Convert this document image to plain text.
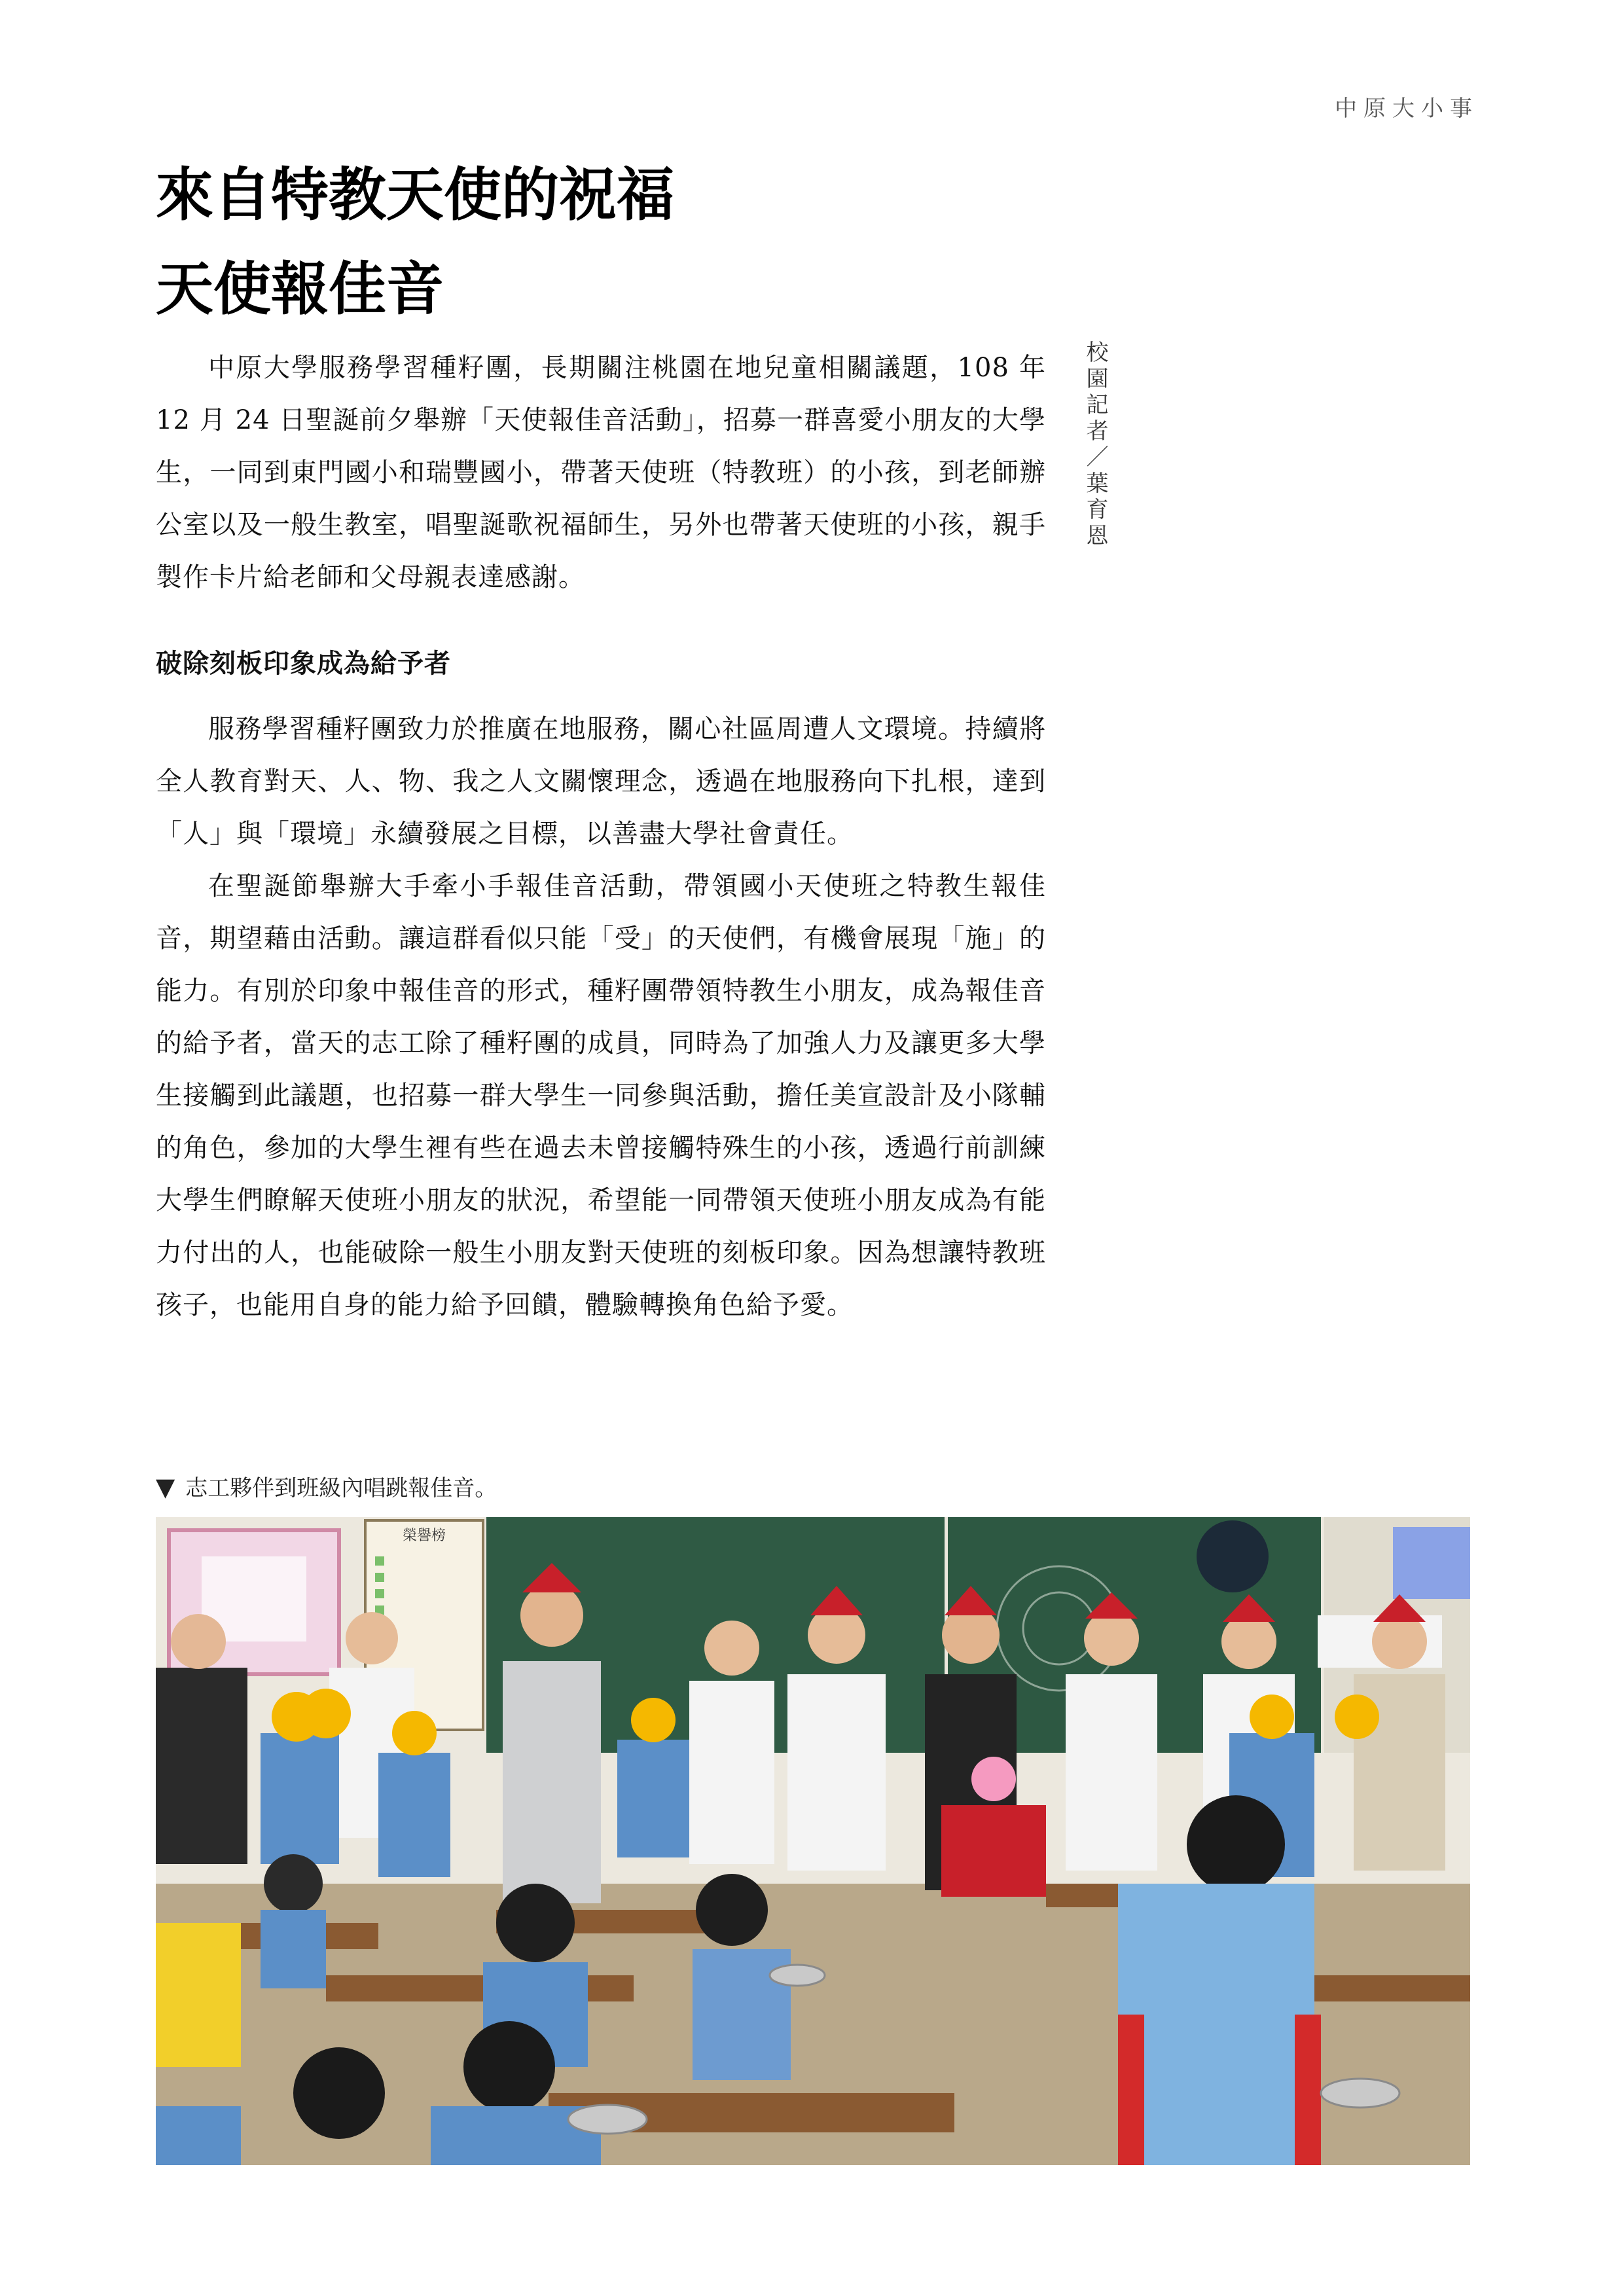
中原大小事
來自特教天使的祝福
天使報佳音
校園記者／葉育恩

中原大學服務學習種籽團，長期關注桃園在地兒童相關議題，108 年 12 月 24 日聖誕前夕舉辦「天使報佳音活動」，招募一群喜愛小朋友的大學生，一同到東門國小和瑞豐國小，帶著天使班（特教班）的小孩，到老師辦公室以及一般生教室，唱聖誕歌祝福師生，另外也帶著天使班的小孩，親手製作卡片給老師和父母親表達感謝。

破除刻板印象成為給予者

服務學習種籽團致力於推廣在地服務，關心社區周遭人文環境。持續將全人教育對天、人、物、我之人文關懷理念，透過在地服務向下扎根，達到「人」與「環境」永續發展之目標，以善盡大學社會責任。

在聖誕節舉辦大手牽小手報佳音活動，帶領國小天使班之特教生報佳音，期望藉由活動。讓這群看似只能「受」的天使們，有機會展現「施」的能力。有別於印象中報佳音的形式，種籽團帶領特教生小朋友，成為報佳音的給予者，當天的志工除了種籽團的成員，同時為了加強人力及讓更多大學生接觸到此議題，也招募一群大學生一同參與活動，擔任美宣設計及小隊輔的角色，參加的大學生裡有些在過去未曾接觸特殊生的小孩，透過行前訓練大學生們瞭解天使班小朋友的狀況，希望能一同帶領天使班小朋友成為有能力付出的人，也能破除一般生小朋友對天使班的刻板印象。因為想讓特教班孩子，也能用自身的能力給予回饋，體驗轉換角色給予愛。

▼ 志工夥伴到班級內唱跳報佳音。
榮譽榜
